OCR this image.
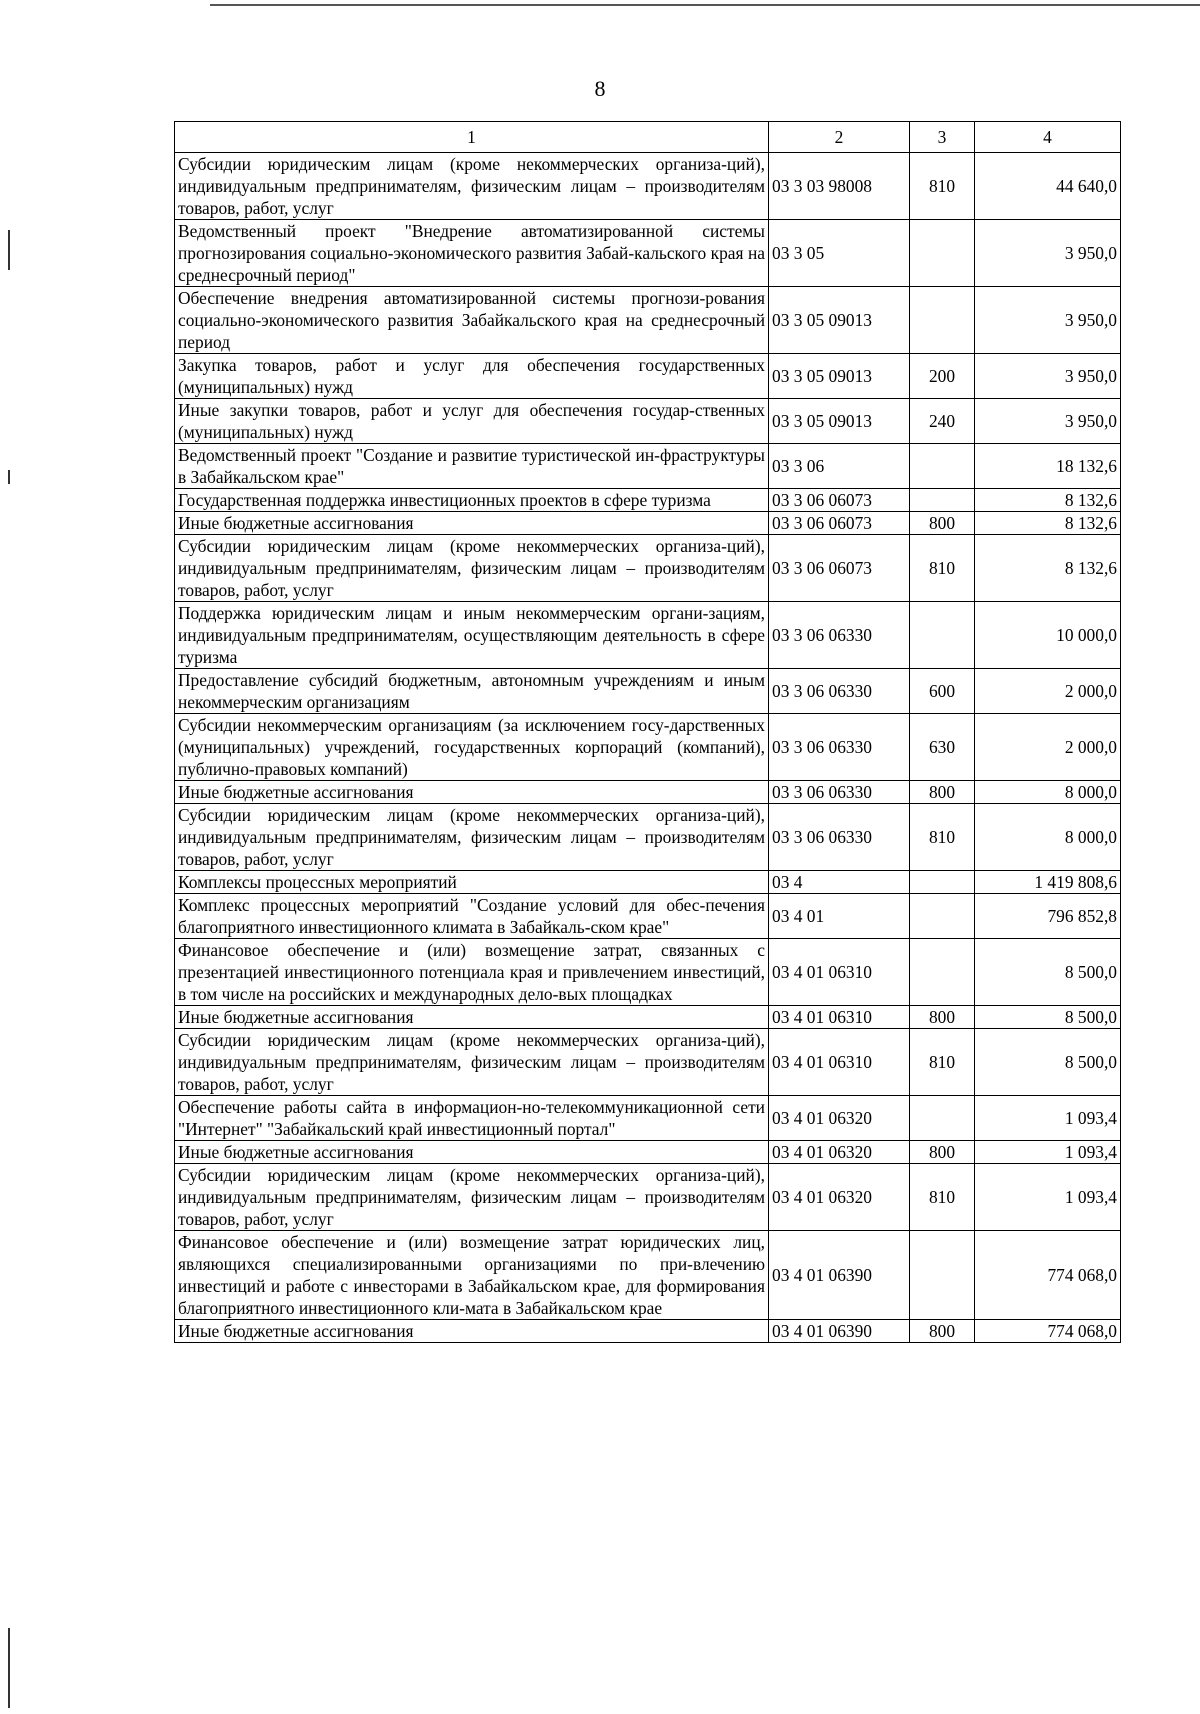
8
1	2	3	4
Субсидии юридическим лицам (кроме некоммерческих организа-ций), индивидуальным предпринимателям, физическим лицам – производителям товаров, работ, услуг	03 3 03 98008	810	44 640,0
Ведомственный проект "Внедрение автоматизированной системы прогнозирования социально-экономического развития Забай-кальского края на среднесрочный период"	03 3 05		3 950,0
Обеспечение внедрения автоматизированной системы прогнози-рования социально-экономического развития Забайкальского края на среднесрочный период	03 3 05 09013		3 950,0
Закупка товаров, работ и услуг для обеспечения государственных (муниципальных) нужд	03 3 05 09013	200	3 950,0
Иные закупки товаров, работ и услуг для обеспечения государ-ственных (муниципальных) нужд	03 3 05 09013	240	3 950,0
Ведомственный проект "Создание и развитие туристической ин-фраструктуры в Забайкальском крае"	03 3 06		18 132,6
Государственная поддержка инвестиционных проектов в сфере туризма	03 3 06 06073		8 132,6
Иные бюджетные ассигнования	03 3 06 06073	800	8 132,6
Субсидии юридическим лицам (кроме некоммерческих организа-ций), индивидуальным предпринимателям, физическим лицам – производителям товаров, работ, услуг	03 3 06 06073	810	8 132,6
Поддержка юридическим лицам и иным некоммерческим органи-зациям, индивидуальным предпринимателям, осуществляющим деятельность в сфере туризма	03 3 06 06330		10 000,0
Предоставление субсидий бюджетным, автономным учреждениям и иным некоммерческим организациям	03 3 06 06330	600	2 000,0
Субсидии некоммерческим организациям (за исключением госу-дарственных (муниципальных) учреждений, государственных корпораций (компаний), публично-правовых компаний)	03 3 06 06330	630	2 000,0
Иные бюджетные ассигнования	03 3 06 06330	800	8 000,0
Субсидии юридическим лицам (кроме некоммерческих организа-ций), индивидуальным предпринимателям, физическим лицам – производителям товаров, работ, услуг	03 3 06 06330	810	8 000,0
Комплексы процессных мероприятий	03 4		1 419 808,6
Комплекс процессных мероприятий "Создание условий для обес-печения благоприятного инвестиционного климата в Забайкаль-ском крае"	03 4 01		796 852,8
Финансовое обеспечение и (или) возмещение затрат, связанных с презентацией инвестиционного потенциала края и привлечением инвестиций, в том числе на российских и международных дело-вых площадках	03 4 01 06310		8 500,0
Иные бюджетные ассигнования	03 4 01 06310	800	8 500,0
Субсидии юридическим лицам (кроме некоммерческих организа-ций), индивидуальным предпринимателям, физическим лицам – производителям товаров, работ, услуг	03 4 01 06310	810	8 500,0
Обеспечение работы сайта в информацион-но-телекоммуникационной сети "Интернет" "Забайкальский край инвестиционный портал"	03 4 01 06320		1 093,4
Иные бюджетные ассигнования	03 4 01 06320	800	1 093,4
Субсидии юридическим лицам (кроме некоммерческих организа-ций), индивидуальным предпринимателям, физическим лицам – производителям товаров, работ, услуг	03 4 01 06320	810	1 093,4
Финансовое обеспечение и (или) возмещение затрат юридических лиц, являющихся специализированными организациями по при-влечению инвестиций и работе с инвесторами в Забайкальском крае, для формирования благоприятного инвестиционного кли-мата в Забайкальском крае	03 4 01 06390		774 068,0
Иные бюджетные ассигнования	03 4 01 06390	800	774 068,0
